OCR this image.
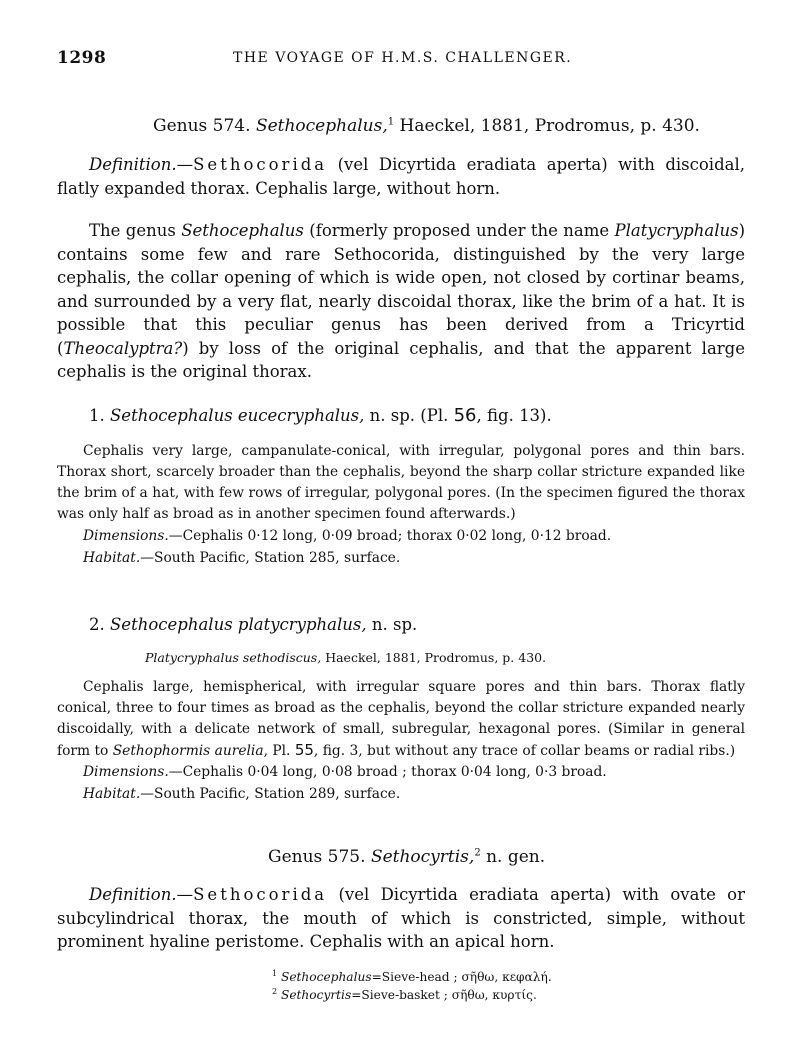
1298	THE VOYAGE OF H.M.S. CHALLENGER.
Genus 574. Sethocephalus,$^1$ Haeckel, 1881, Prodromus, p. 430.
Definition.—Sethocorida (vel Dicyrtida eradiata aperta) with discoidal, flatly expanded thorax. Cephalis large, without horn.
The genus Sethocephalus (formerly proposed under the name Platycryphalus) contains some few and rare Sethocorida, distinguished by the very large cephalis, the collar opening of which is wide open, not closed by cortinar beams, and surrounded by a very flat, nearly discoidal thorax, like the brim of a hat. It is possible that this peculiar genus has been derived from a Tricyrtid (Theocalyptra?) by loss of the original cephalis, and that the apparent large cephalis is the original thorax.
1. Sethocephalus eucecryphalus, n. sp. (Pl. 56, fig. 13).
Cephalis very large, campanulate-conical, with irregular, polygonal pores and thin bars. Thorax short, scarcely broader than the cephalis, beyond the sharp collar stricture expanded like the brim of a hat, with few rows of irregular, polygonal pores. (In the specimen figured the thorax was only half as broad as in another specimen found afterwards.)
Dimensions.—Cephalis 0·12 long, 0·09 broad; thorax 0·02 long, 0·12 broad.
Habitat.—South Pacific, Station 285, surface.
2. Sethocephalus platycryphalus, n. sp.
Platycryphalus sethodiscus, Haeckel, 1881, Prodromus, p. 430.
Cephalis large, hemispherical, with irregular square pores and thin bars. Thorax flatly conical, three to four times as broad as the cephalis, beyond the collar stricture expanded nearly discoidally, with a delicate network of small, subregular, hexagonal pores. (Similar in general form to Sethophormis aurelia, Pl. 55, fig. 3, but without any trace of collar beams or radial ribs.)
Dimensions.—Cephalis 0·04 long, 0·08 broad ; thorax 0·04 long, 0·3 broad.
Habitat.—South Pacific, Station 289, surface.
Genus 575. Sethocyrtis,$^2$ n. gen.
Definition.—Sethocorida (vel Dicyrtida eradiata aperta) with ovate or subcylindrical thorax, the mouth of which is constricted, simple, without prominent hyaline peristome. Cephalis with an apical horn.
$^1$ Sethocephalus=Sieve-head ; σῆθω, κεφαλή.
$^2$ Sethocyrtis=Sieve-basket ; σῆθω, κυρτίς.
